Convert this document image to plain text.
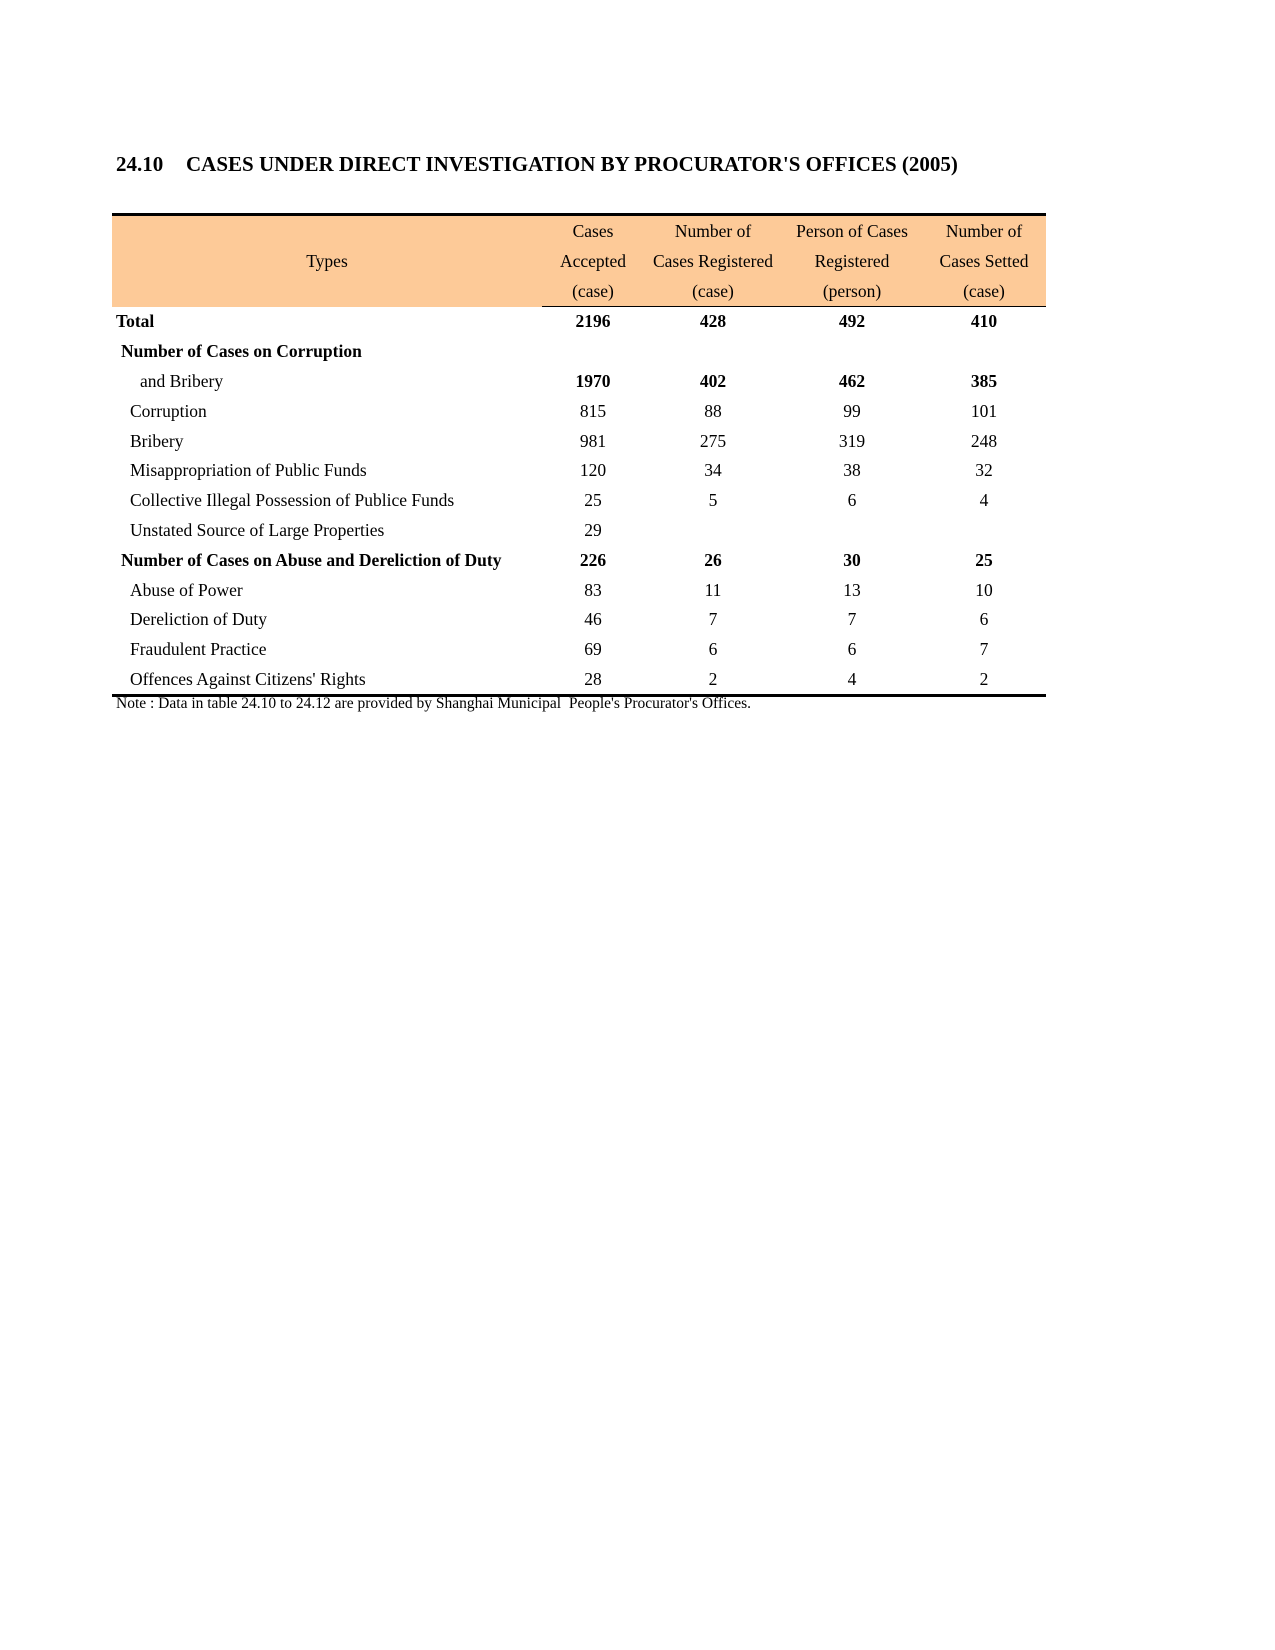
24.10 CASES UNDER DIRECT INVESTIGATION BY PROCURATOR'S OFFICES (2005)
Types	Cases	Number of	Person of Cases	Number of
	Accepted	Cases Registered	Registered	Cases Setted
	(case)	(case)	(person)	(case)
Total	2196	428	492	410
Number of Cases on Corruption				
and Bribery	1970	402	462	385
Corruption	815	88	99	101
Bribery	981	275	319	248
Misappropriation of Public Funds	120	34	38	32
Collective Illegal Possession of Publice Funds	25	5	6	4
Unstated Source of Large Properties	29			
Number of Cases on Abuse and Dereliction of Duty	226	26	30	25
Abuse of Power	83	11	13	10
Dereliction of Duty	46	7	7	6
Fraudulent Practice	69	6	6	7
Offences Against Citizens' Rights	28	2	4	2
Note : Data in table 24.10 to 24.12 are provided by Shanghai Municipal  People's Procurator's Offices.
